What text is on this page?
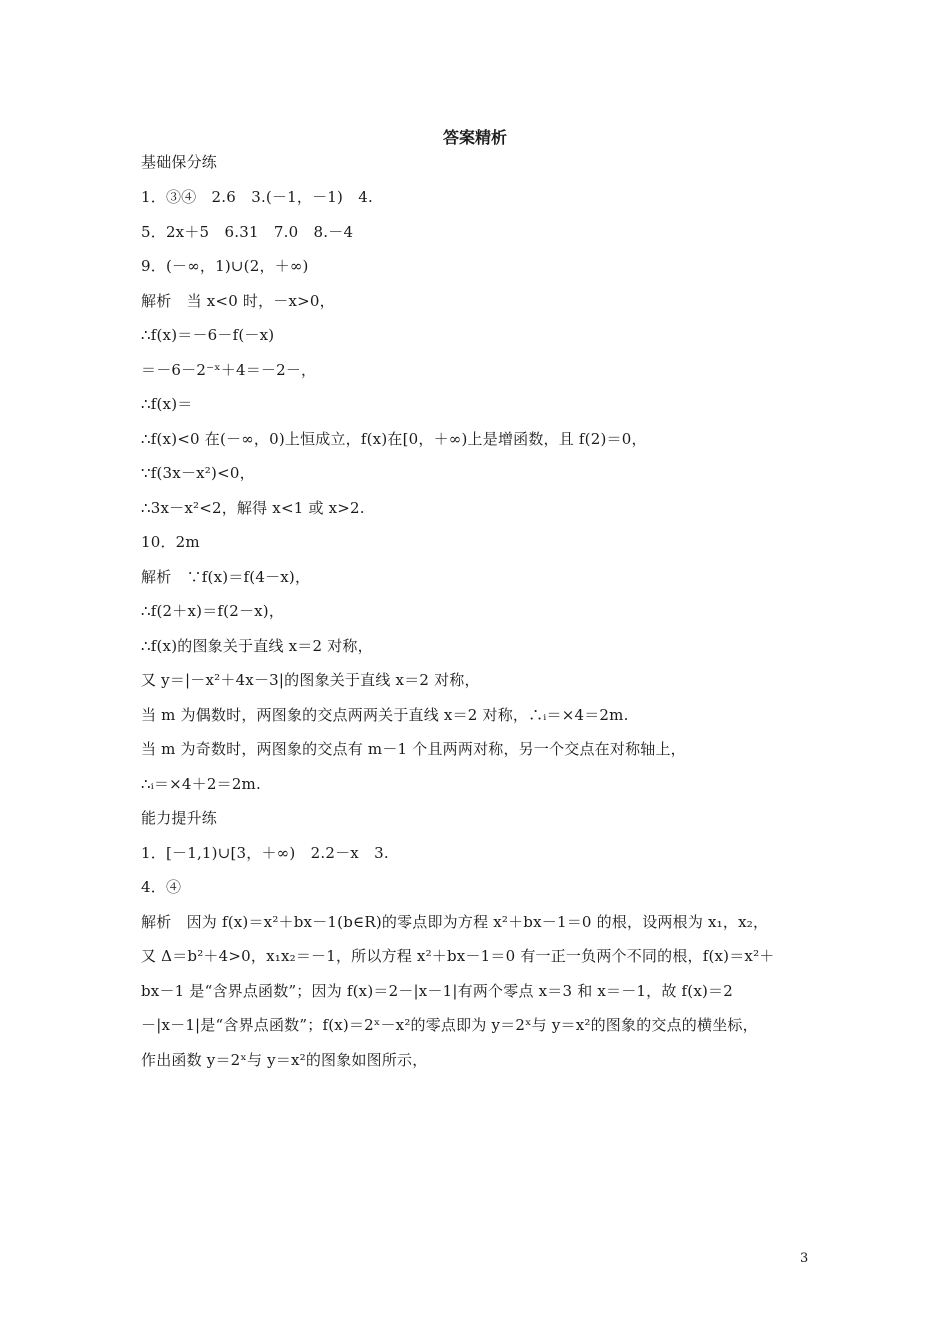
答案精析
基础保分练
1．③④　2.6　3.(－1，－1)　4.
5．2x＋5　6.31　7.0　8.－4
9．(－∞，1)∪(2，＋∞)
解析　当 x<0 时，－x>0，
∴f(x)＝－6－f(－x)
＝－6－2⁻ˣ＋4＝－2－，
∴f(x)＝
∴f(x)<0 在(－∞，0)上恒成立，f(x)在[0，＋∞)上是增函数，且 f(2)＝0，
∵f(3x－x²)<0，
∴3x－x²<2，解得 x<1 或 x>2.
10．2m
解析　∵f(x)＝f(4－x)，
∴f(2＋x)＝f(2－x)，
∴f(x)的图象关于直线 x＝2 对称，
又 y＝|－x²＋4x－3|的图象关于直线 x＝2 对称，
当 m 为偶数时，两图象的交点两两关于直线 x＝2 对称，∴ᵢ＝×4＝2m.
当 m 为奇数时，两图象的交点有 m－1 个且两两对称，另一个交点在对称轴上，
∴ᵢ＝×4＋2＝2m.
能力提升练
1．[－1,1)∪[3，＋∞)　2.2－x　3.
4．④
解析　因为 f(x)＝x²＋bx－1(b∈R)的零点即为方程 x²＋bx－1＝0 的根，设两根为 x₁，x₂，
又 Δ＝b²＋4>0，x₁x₂＝－1，所以方程 x²＋bx－1＝0 有一正一负两个不同的根，f(x)＝x²＋
bx－1 是“含界点函数”；因为 f(x)＝2－|x－1|有两个零点 x＝3 和 x＝－1，故 f(x)＝2
－|x－1|是“含界点函数”；f(x)＝2ˣ－x²的零点即为 y＝2ˣ与 y＝x²的图象的交点的横坐标，
作出函数 y＝2ˣ与 y＝x²的图象如图所示，
3
